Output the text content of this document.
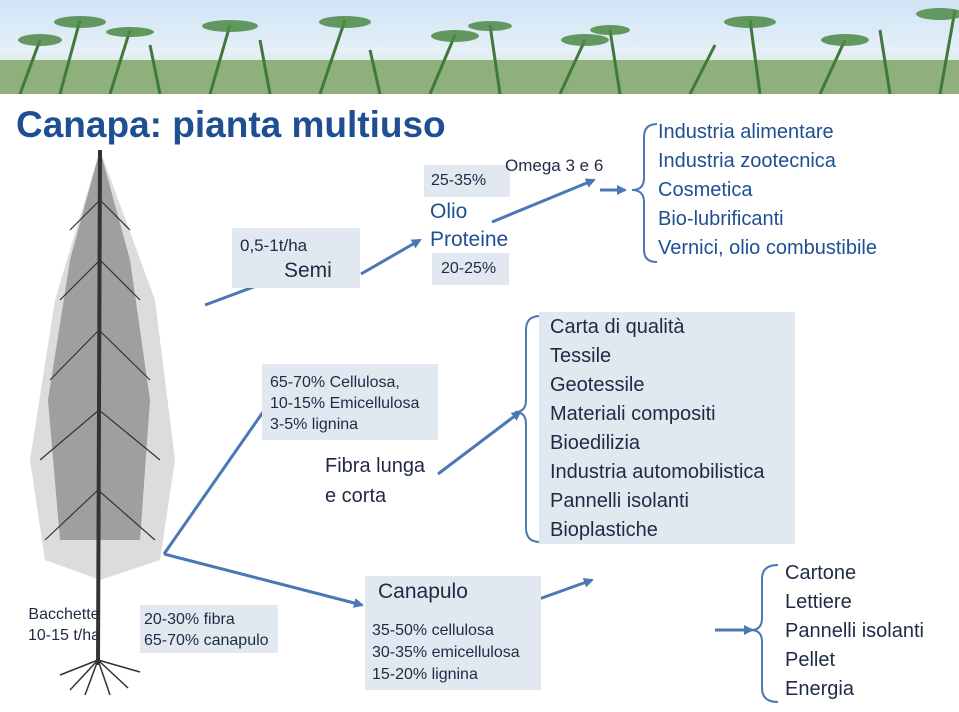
Canapa: pianta multiuso
Bacchette
10-15 t/ha
20-30% fibra
65-70% canapulo
0,5-1t/ha
Semi
25-35%
Olio
Proteine
20-25%
Omega 3 e 6
Industria alimentare
Industria zootecnica
Cosmetica
Bio-lubrificanti
Vernici, olio combustibile
65-70% Cellulosa,
10-15% Emicellulosa
3-5% lignina
Fibra lunga
e corta
Carta di qualità
Tessile
Geotessile
Materiali compositi
Bioedilizia
Industria automobilistica
Pannelli isolanti
Bioplastiche
Canapulo
35-50% cellulosa
30-35% emicellulosa
15-20% lignina
Cartone
Lettiere
Pannelli isolanti
Pellet
Energia
